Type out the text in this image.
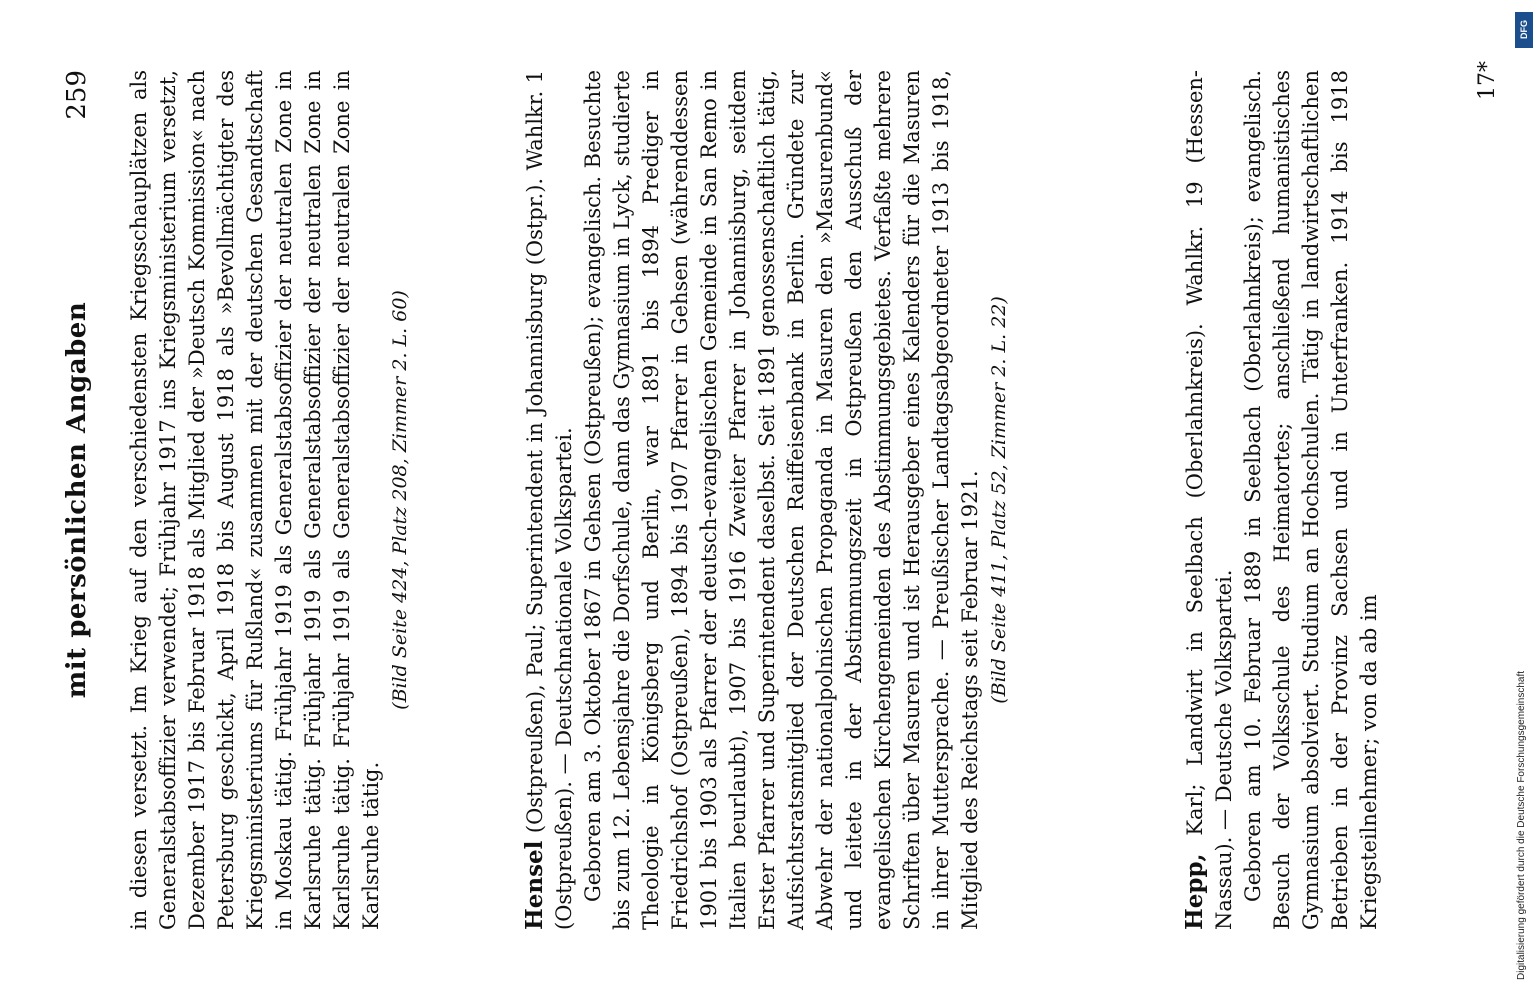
mit persönlichen Angaben
259 in diesen versetzt. Im Krieg auf den verschiedensten Kriegsschauplätzen als Generalstabsoffizier verwendet; Frühjahr 1917 ins Kriegsministerium versetzt, Dezember 1917 bis Februar 1918 als Mitglied der »Deutsch Kommission« nach Petersburg geschickt, April 1918 bis August 1918 als »Bevollmächtigter des Kriegsministeriums für Rußland« zusammen mit der deutschen Gesandtschaft in Moskau tätig. Frühjahr 1919 als Generalstabsoffizier der neutralen Zone in Karlsruhe tätig. Frühjahr 1919 als Generalstabsoffizier der neutralen Zone in Karlsruhe tätig. Frühjahr 1919 als Generalstabsoffizier der neutralen Zone in Karlsruhe tätig.

(Bild Seite 424, Platz 208, Zimmer 2. L. 60)

Hensel (Ostpreußen), Paul; Superintendent in Johannisburg (Ostpr.). Wahlkr. 1 (Ostpreußen). — Deutschnationale Volkspartei. Geboren am 3. Oktober 1867 in Gehsen (Ostpreußen); evangelisch. Besuchte bis zum 12. Lebensjahre die Dorfschule, dann das Gymnasium in Lyck, studierte Theologie in Königsberg und Berlin, war 1891 bis 1894 Prediger in Friedrichshof (Ostpreußen), 1894 bis 1907 Pfarrer in Gehsen (währenddessen 1901 bis 1903 als Pfarrer der deutsch-evangelischen Gemeinde in San Remo in Italien beurlaubt), 1907 bis 1916 Zweiter Pfarrer in Johannisburg, seitdem Erster Pfarrer und Superintendent daselbst. Seit 1891 genossenschaftlich tätig, Aufsichtsratsmitglied der Deutschen Raiffeisenbank in Berlin. Gründete zur Abwehr der nationalpolnischen Propaganda in Masuren den »Masurenbund« und leitete in der Abstimmungszeit in Ostpreußen den Ausschuß der evangelischen Kirchengemeinden des Abstimmungsgebietes. Verfaßte mehrere Schriften über Masuren und ist Herausgeber eines Kalenders für die Masuren in ihrer Muttersprache. — Preußischer Landtagsabgeordneter 1913 bis 1918, Mitglied des Reichstags seit Februar 1921. (Bild Seite 411, Platz 52, Zimmer 2. L. 22)

Hepp, Karl; Landwirt in Seelbach (Oberlahnkreis). Wahlkr. 19 (Hessen-Nassau). — Deutsche Volkspartei. Geboren am 10. Februar 1889 in Seelbach (Oberlahnkreis); evangelisch. Besuch der Volksschule des Heimatortes; anschließend humanistisches Gymnasium absolviert. Studium an Hochschulen. Tätig in landwirtschaftlichen Betrieben in der Provinz Sachsen und in Unterfranken. 1914 bis 1918 Kriegsteilnehmer; von da ab im

17*
DFG
Digitalisierung gefördert durch die Deutsche Forschungsgemeinschaft
